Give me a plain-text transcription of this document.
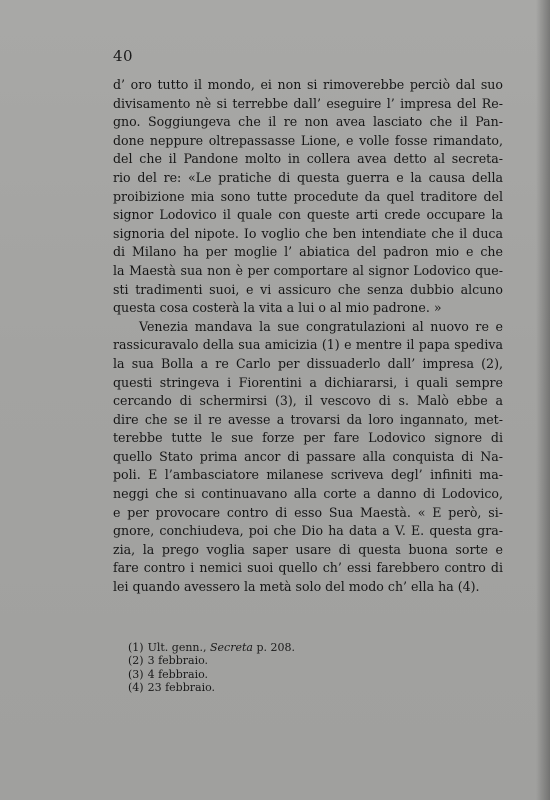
40
d’ oro tutto il mondo, ei non si rimoverebbe perciò dal suo
divisamento nè si terrebbe dall’ eseguire l’ impresa del Re-
gno. Soggiungeva che il re non avea lasciato che il Pan-
done neppure oltrepassasse Lione, e volle fosse rimandato,
del che il Pandone molto in collera avea detto al secreta-
rio del re: «Le pratiche di questa guerra e la causa della
proibizione mia sono tutte procedute da quel traditore del
signor Lodovico il quale con queste arti crede occupare la
signoria del nipote. Io voglio che ben intendiate che il duca
di Milano ha per moglie l’ abiatica del padron mio e che
la Maestà sua non è per comportare al signor Lodovico que-
sti tradimenti suoi, e vi assicuro che senza dubbio alcuno
questa cosa costerà la vita a lui o al mio padrone. »
Venezia mandava la sue congratulazioni al nuovo re e
rassicuravalo della sua amicizia (1) e mentre il papa spediva
la sua Bolla a re Carlo per dissuaderlo dall’ impresa (2),
questi stringeva i Fiorentini a dichiararsi, i quali sempre
cercando di schermirsi (3), il vescovo di s. Malò ebbe a
dire che se il re avesse a trovarsi da loro ingannato, met-
terebbe tutte le sue forze per fare Lodovico signore di
quello Stato prima ancor di passare alla conquista di Na-
poli. E l’ambasciatore milanese scriveva degl’ infiniti ma-
neggi che si continuavano alla corte a danno di Lodovico,
e per provocare contro di esso Sua Maestà. « E però, si-
gnore, conchiudeva, poi che Dio ha data a V. E. questa gra-
zia, la prego voglia saper usare di questa buona sorte e
fare contro i nemici suoi quello ch’ essi farebbero contro di
lei quando avessero la metà solo del modo ch’ ella ha (4).
(1) Ult. genn., Secreta p. 208.
(2) 3 febbraio.
(3) 4 febbraio.
(4) 23 febbraio.
